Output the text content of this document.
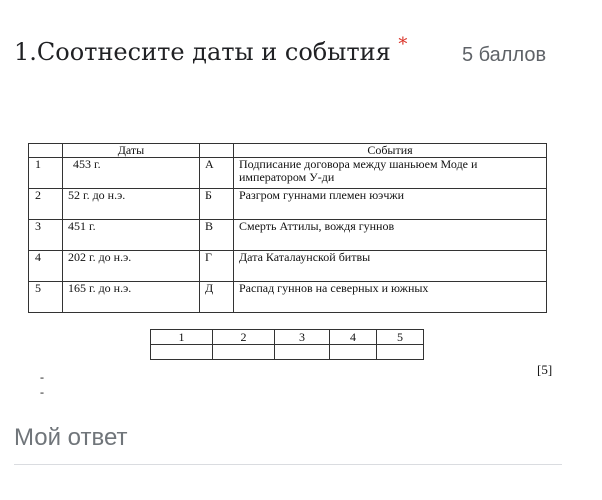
1.Соотнесите даты и события *	5 баллов
	Даты		События
1	453 г.	А	Подписание договора между шаньюем Моде и императором У-ди
2	52 г. до н.э.	Б	Разгром гуннами племен юэчжи
3	451 г.	В	Смерть Аттилы, вождя гуннов
4	202 г. до н.э.	Г	Дата Каталаунской битвы
5	165 г. до н.э.	Д	Распад гуннов на северных и южных
1	2	3	4	5

- -
[5]
Мой ответ
